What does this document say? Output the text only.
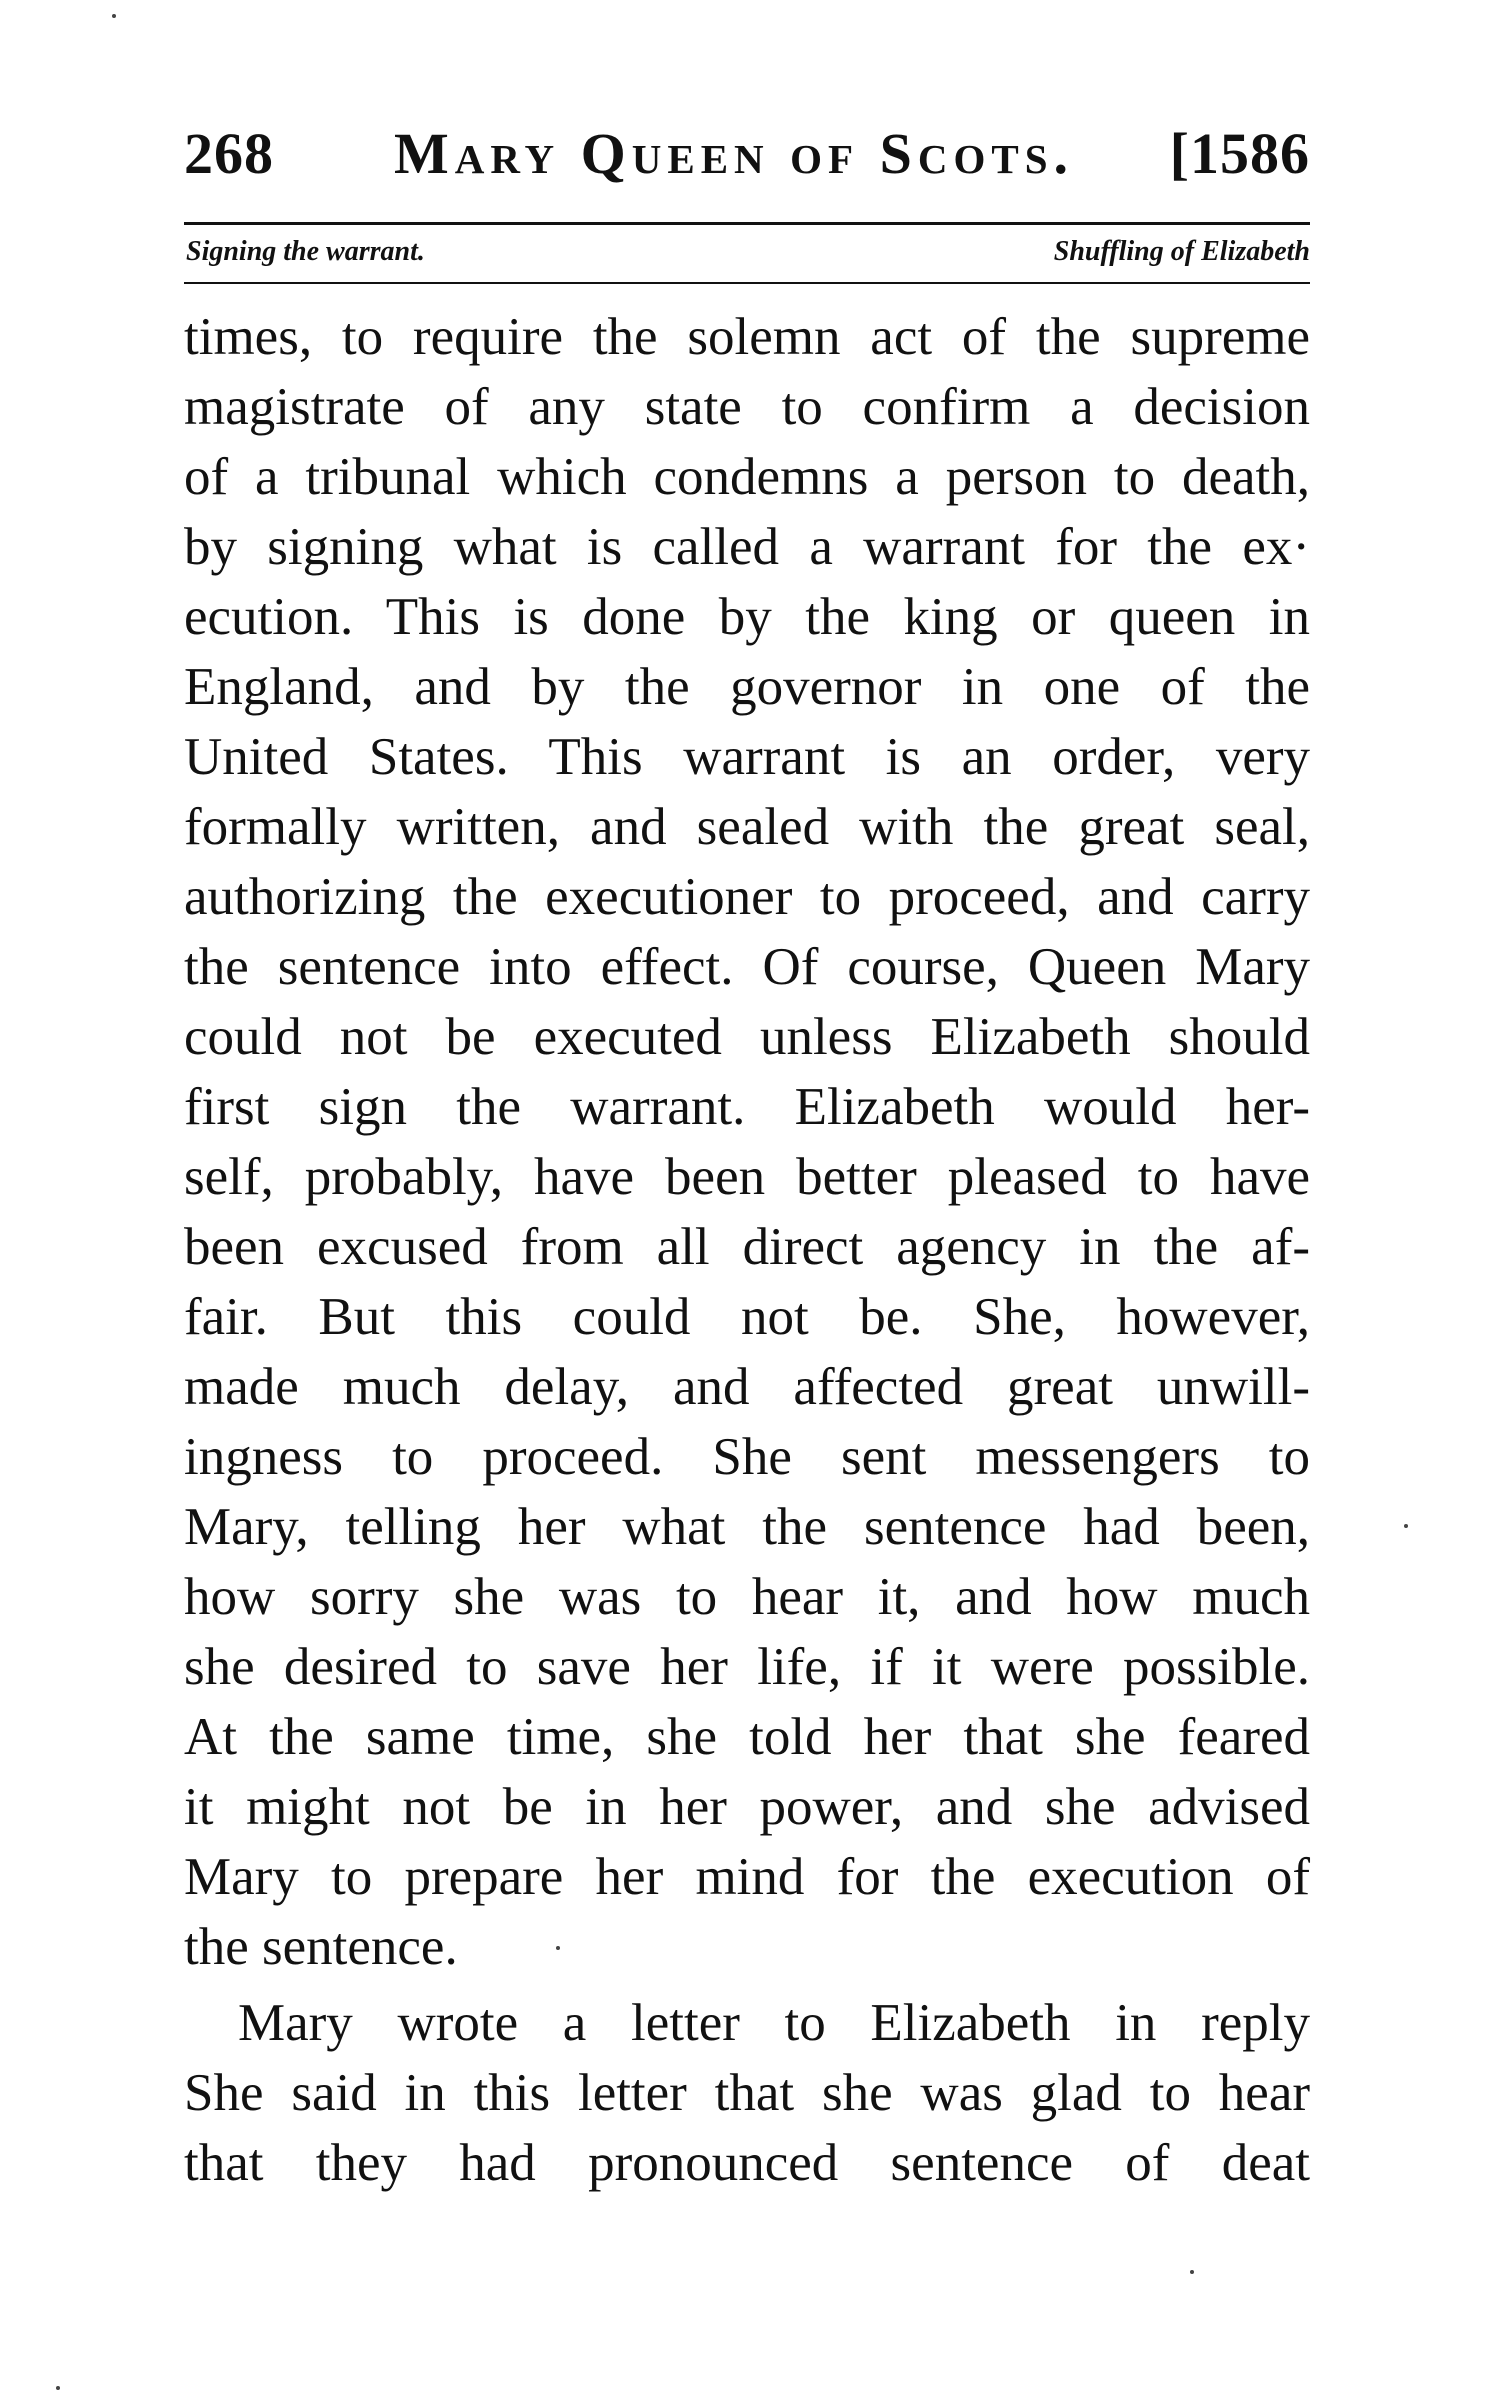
268 Mary Queen of Scots. [1586
Signing the warrant.	Shuffling of Elizabeth
times, to require the solemn act of the supreme
magistrate of any state to confirm a decision
of a tribunal which condemns a person to death,
by signing what is called a warrant for the ex·
ecution. This is done by the king or queen in
England, and by the governor in one of the
United States. This warrant is an order, very
formally written, and sealed with the great seal,
authorizing the executioner to proceed, and carry
the sentence into effect. Of course, Queen Mary
could not be executed unless Elizabeth should
first sign the warrant. Elizabeth would her-
self, probably, have been better pleased to have
been excused from all direct agency in the af-
fair. But this could not be. She, however,
made much delay, and affected great unwill-
ingness to proceed. She sent messengers to
Mary, telling her what the sentence had been,
how sorry she was to hear it, and how much
she desired to save her life, if it were possible.
At the same time, she told her that she feared
it might not be in her power, and she advised
Mary to prepare her mind for the execution of
the sentence.
Mary wrote a letter to Elizabeth in reply
She said in this letter that she was glad to hear
that they had pronounced sentence of deat
